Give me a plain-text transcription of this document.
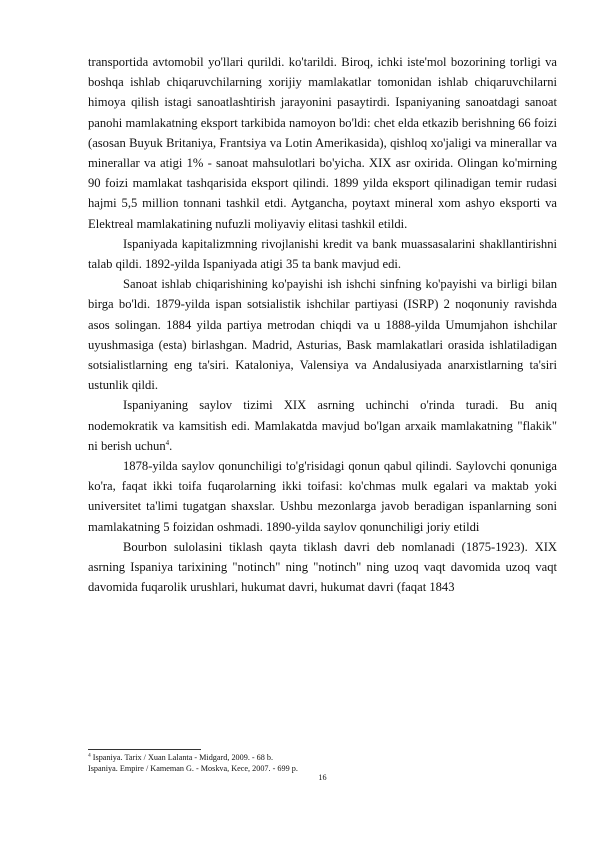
transportida avtomobil yo'llari qurildi. ko'tarildi. Biroq, ichki iste'mol bozorining torligi va boshqa ishlab chiqaruvchilarning xorijiy mamlakatlar tomonidan ishlab chiqaruvchilarni himoya qilish istagi sanoatlashtirish jarayonini pasaytirdi. Ispaniyaning sanoatdagi sanoat panohi mamlakatning eksport tarkibida namoyon bo'ldi: chet elda etkazib berishning 66 foizi (asosan Buyuk Britaniya, Frantsiya va Lotin Amerikasida), qishloq xo'jaligi va minerallar va minerallar va atigi 1% - sanoat mahsulotlari bo'yicha. XIX asr oxirida. Olingan ko'mirning 90 foizi mamlakat tashqarisida eksport qilindi. 1899 yilda eksport qilinadigan temir rudasi hajmi 5,5 million tonnani tashkil etdi. Aytgancha, poytaxt mineral xom ashyo eksporti va Elektreal mamlakatining nufuzli moliyaviy elitasi tashkil etildi.

Ispaniyada kapitalizmning rivojlanishi kredit va bank muassasalarini shakllantirishni talab qildi. 1892-yilda Ispaniyada atigi 35 ta bank mavjud edi.

Sanoat ishlab chiqarishining ko'payishi ish ishchi sinfning ko'payishi va birligi bilan birga bo'ldi. 1879-yilda ispan sotsialistik ishchilar partiyasi (ISRP) 2 noqonuniy ravishda asos solingan. 1884 yilda partiya metrodan chiqdi va u 1888-yilda Umumjahon ishchilar uyushmasiga (esta) birlashgan. Madrid, Asturias, Bask mamlakatlari orasida ishlatiladigan sotsialistlarning eng ta'siri. Kataloniya, Valensiya va Andalusiyada anarxistlarning ta'siri ustunlik qildi.

Ispaniyaning saylov tizimi XIX asrning uchinchi o'rinda turadi. Bu aniq nodemokratik va kamsitish edi. Mamlakatda mavjud bo'lgan arxaik mamlakatning "flakik" ni berish uchun$^4$.

1878-yilda saylov qonunchiligi to'g'risidagi qonun qabul qilindi. Saylovchi qonuniga ko'ra, faqat ikki toifa fuqarolarning ikki toifasi: ko'chmas mulk egalari va maktab yoki universitet ta'limi tugatgan shaxslar. Ushbu mezonlarga javob beradigan ispanlarning soni mamlakatning 5 foizidan oshmadi. 1890-yilda saylov qonunchiligi joriy etildi

Bourbon sulolasini tiklash qayta tiklash davri deb nomlanadi (1875-1923). XIX asrning Ispaniya tarixining "notinch" ning "notinch" ning uzoq vaqt davomida uzoq vaqt davomida fuqarolik urushlari, hukumat davri, hukumat davri (faqat 1843

$^4$ Ispaniya. Tarix / Xuan Lalanta - Midgard, 2009. - 68 b.
Ispaniya. Empire / Kameman G. - Moskva, Kece, 2007. - 699 p.
16
